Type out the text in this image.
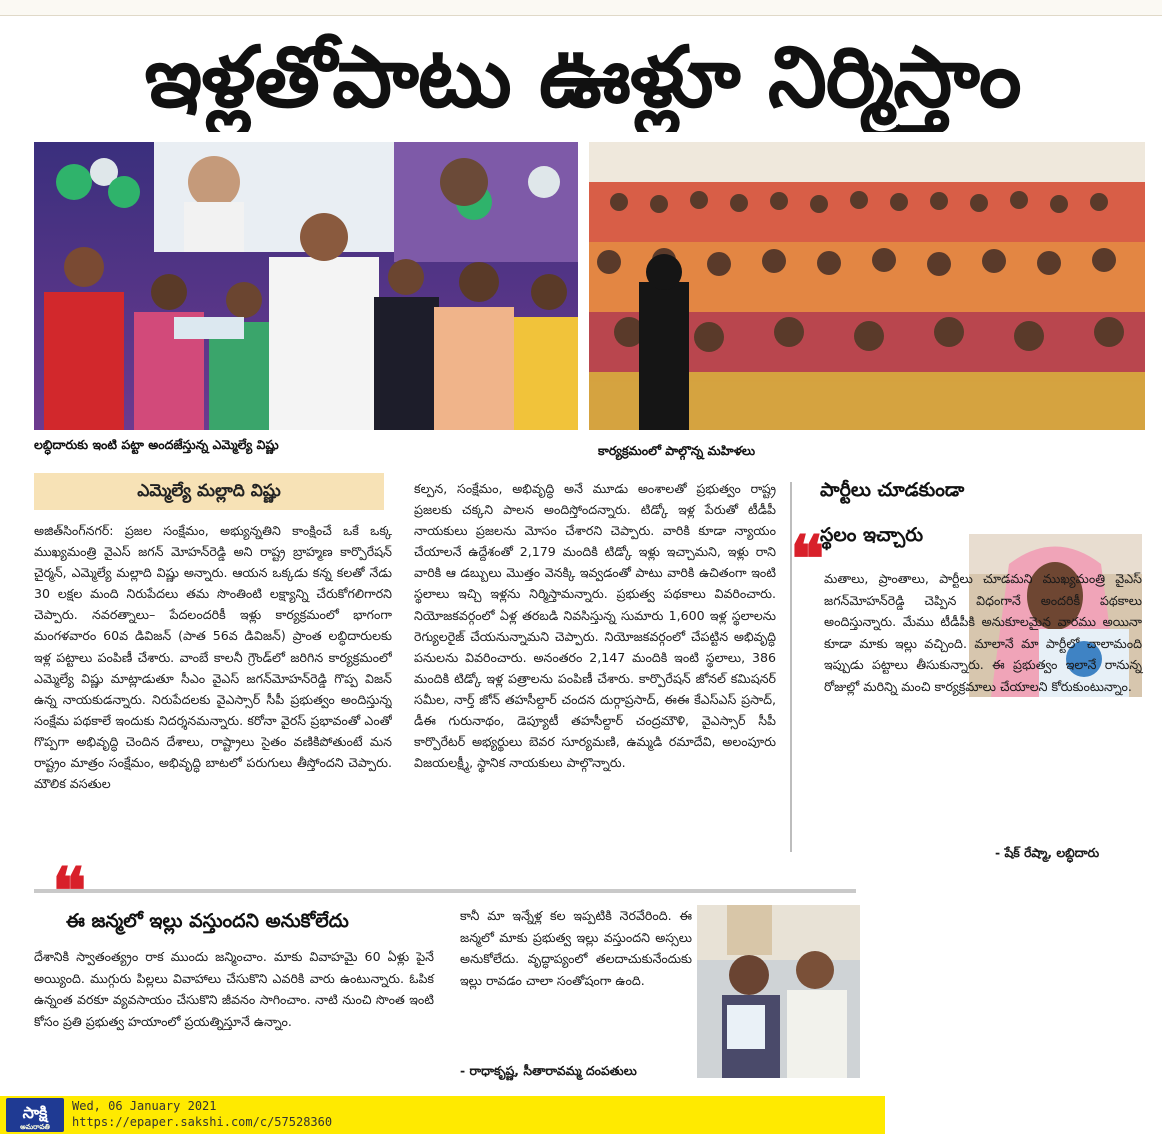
ఇళ్లతోపాటు ఊళ్లూ నిర్మిస్తాం
లబ్ధిదారుకు ఇంటి పట్టా అందజేస్తున్న ఎమ్మెల్యే విష్ణు	కార్యక్రమంలో పాల్గొన్న మహిళలు
ఎమ్మెల్యే మల్లాది విష్ణు
అజిత్‌సింగ్‌నగర్‌: ప్రజల సంక్షేమం, అభ్యున్నతిని కాంక్షించే ఒకే ఒక్క ముఖ్యమంత్రి వైఎస్‌ జగన్‌ మోహన్‌రెడ్డి అని రాష్ట్ర బ్రాహ్మణ కార్పొరేషన్‌ చైర్మన్‌, ఎమ్మెల్యే మల్లాది విష్ణు అన్నారు. ఆయన ఒక్కడు కన్న కలతో నేడు 30 లక్షల మంది నిరుపేదలు తమ సొంతింటి లక్ష్యాన్ని చేరుకోగలిగారని చెప్పారు. నవరత్నాలు– పేదలందరికీ ఇళ్లు కార్యక్రమంలో భాగంగా మంగళవారం 60వ డివిజన్‌ (పాత 56వ డివిజన్‌) ప్రాంత లబ్ధిదారులకు ఇళ్ల పట్టాలు పంపిణీ చేశారు. వాంబే కాలనీ గ్రౌండ్‌లో జరిగిన కార్యక్రమంలో ఎమ్మెల్యే విష్ణు మాట్లాడుతూ సీఎం వైఎస్‌ జగన్‌మోహన్‌రెడ్డి గొప్ప విజన్‌ ఉన్న నాయకుడన్నారు. నిరుపేదలకు వైఎస్సార్‌ సీపీ ప్రభుత్వం అందిస్తున్న సంక్షేమ పథకాలే ఇందుకు నిదర్శనమన్నారు. కరోనా వైరస్‌ ప్రభావంతో ఎంతో గొప్పగా అభివృద్ధి చెందిన దేశాలు, రాష్ట్రాలు సైతం వణికిపోతుంటే మన రాష్ట్రం మాత్రం సంక్షేమం, అభివృద్ధి బాటలో పరుగులు తీస్తోందని చెప్పారు. మౌలిక వసతుల
కల్పన, సంక్షేమం, అభివృద్ధి అనే మూడు అంశాలతో ప్రభుత్వం రాష్ట్ర ప్రజలకు చక్కని పాలన అందిస్తోందన్నారు. టిడ్కో ఇళ్ల పేరుతో టీడీపీ నాయకులు ప్రజలను మోసం చేశారని చెప్పారు. వారికి కూడా న్యాయం చేయాలనే ఉద్దేశంతో 2,179 మందికి టిడ్కో ఇళ్లు ఇచ్చామని, ఇళ్లు రాని వారికి ఆ డబ్బులు మొత్తం వెనక్కి ఇవ్వడంతో పాటు వారికి ఉచితంగా ఇంటి స్థలాలు ఇచ్చి ఇళ్లను నిర్మిస్తామన్నారు. ప్రభుత్వ పథకాలు వివరించారు. నియోజకవర్గంలో ఏళ్ల తరబడి నివసిస్తున్న సుమారు 1,600 ఇళ్ల స్థలాలను రెగ్యులరైజ్‌ చేయనున్నామని చెప్పారు. నియోజకవర్గంలో చేపట్టిన అభివృద్ధి పనులను వివరించారు. అనంతరం 2,147 మందికి ఇంటి స్థలాలు, 386 మందికి టిడ్కో ఇళ్ల పత్రాలను పంపిణీ చేశారు. కార్పొరేషన్‌ జోనల్‌ కమిషనర్‌ సమీల, నార్త్‌ జోన్‌ తహసీల్దార్‌ చందన దుర్గాప్రసాద్‌, ఈఈ కేఎస్‌ఎస్‌ ప్రసాద్‌, డీఈ గురునాథం, డెప్యూటీ తహసీల్దార్‌ చంద్రమౌళి, వైఎస్సార్‌ సీపీ కార్పొరేటర్‌ అభ్యర్థులు బెవర సూర్యమణి, ఉమ్మడి రమాదేవి, అలంపూరు విజయలక్ష్మీ, స్థానిక నాయకులు పాల్గొన్నారు.
పార్టీలు చూడకుండా
స్థలం ఇచ్చారు
❝ మతాలు, ప్రాంతాలు, పార్టీలు చూడమని ముఖ్యమంత్రి వైఎస్‌ జగన్‌మోహన్‌రెడ్డి చెప్పిన విధంగానే అందరికీ పథకాలు అందిస్తున్నారు. మేము టీడీపీకి అనుకూలమైన వారము అయినా కూడా మాకు ఇల్లు వచ్చింది. మాలానే మా పార్టీలో చాలామంది ఇప్పుడు పట్టాలు తీసుకున్నారు. ఈ ప్రభుత్వం ఇలానే రానున్న రోజుల్లో మరిన్ని మంచి కార్యక్రమాలు చేయాలని కోరుకుంటున్నాం.
- షేక్‌ రేష్మా, లబ్ధిదారు
❝
ఈ జన్మలో ఇల్లు వస్తుందని అనుకోలేదు
దేశానికి స్వాతంత్య్రం రాక ముందు జన్మించాం. మాకు వివాహమై 60 ఏళ్లు పైనే అయ్యింది. ముగ్గురు పిల్లలు వివాహాలు చేసుకొని ఎవరికి వారు ఉంటున్నారు. ఓపిక ఉన్నంత వరకూ వ్యవసాయం చేసుకొని జీవనం సాగించాం. నాటి నుంచి సొంత ఇంటి కోసం ప్రతి ప్రభుత్వ హయాంలో ప్రయత్నిస్తూనే ఉన్నాం.
కానీ మా ఇన్నేళ్ల కల ఇప్పటికి నెరవేరింది. ఈ జన్మలో మాకు ప్రభుత్వ ఇల్లు వస్తుందని అస్సలు అనుకోలేదు. వృద్ధాప్యంలో తలదాచుకునేందుకు ఇల్లు రావడం చాలా సంతోషంగా ఉంది.
- రాధాకృష్ణ, సీతారావమ్మ దంపతులు
సాక్షి
అమరావతి
Wed, 06 January 2021
https://epaper.sakshi.com/c/57528360
